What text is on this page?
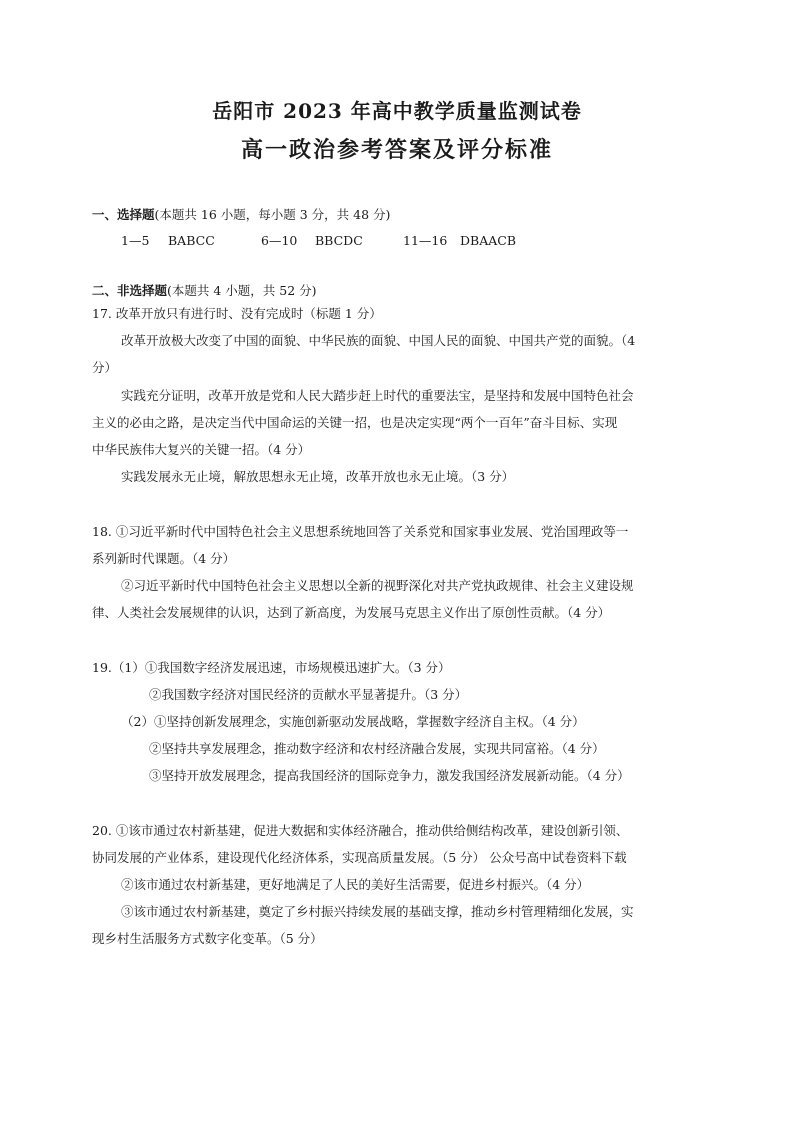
岳阳市 2023 年高中教学质量监测试卷
高一政治参考答案及评分标准
一、选择题(本题共 16 小题，每小题 3 分，共 48 分)
1—5 BABCC	6—10 BBCDC	11—16 DBAACB
二、非选择题(本题共 4 小题，共 52 分)
17. 改革开放只有进行时、没有完成时（标题 1 分）
改革开放极大改变了中国的面貌、中华民族的面貌、中国人民的面貌、中国共产党的面貌。（4
分）
实践充分证明，改革开放是党和人民大踏步赶上时代的重要法宝，是坚持和发展中国特色社会
主义的必由之路，是决定当代中国命运的关键一招，也是决定实现“两个一百年”奋斗目标、实现
中华民族伟大复兴的关键一招。（4 分）
实践发展永无止境，解放思想永无止境，改革开放也永无止境。（3 分）
18. ①习近平新时代中国特色社会主义思想系统地回答了关系党和国家事业发展、党治国理政等一
系列新时代课题。（4 分）
②习近平新时代中国特色社会主义思想以全新的视野深化对共产党执政规律、社会主义建设规
律、人类社会发展规律的认识，达到了新高度，为发展马克思主义作出了原创性贡献。（4 分）
19.（1）①我国数字经济发展迅速，市场规模迅速扩大。（3 分）
②我国数字经济对国民经济的贡献水平显著提升。（3 分）
（2）①坚持创新发展理念，实施创新驱动发展战略，掌握数字经济自主权。（4 分）
②坚持共享发展理念，推动数字经济和农村经济融合发展，实现共同富裕。（4 分）
③坚持开放发展理念，提高我国经济的国际竞争力，激发我国经济发展新动能。（4 分）
20. ①该市通过农村新基建，促进大数据和实体经济融合，推动供给侧结构改革，建设创新引领、
协同发展的产业体系，建设现代化经济体系，实现高质量发展。（5 分） 公众号高中试卷资料下载
②该市通过农村新基建，更好地满足了人民的美好生活需要，促进乡村振兴。（4 分）
③该市通过农村新基建，奠定了乡村振兴持续发展的基础支撑，推动乡村管理精细化发展，实
现乡村生活服务方式数字化变革。（5 分）
